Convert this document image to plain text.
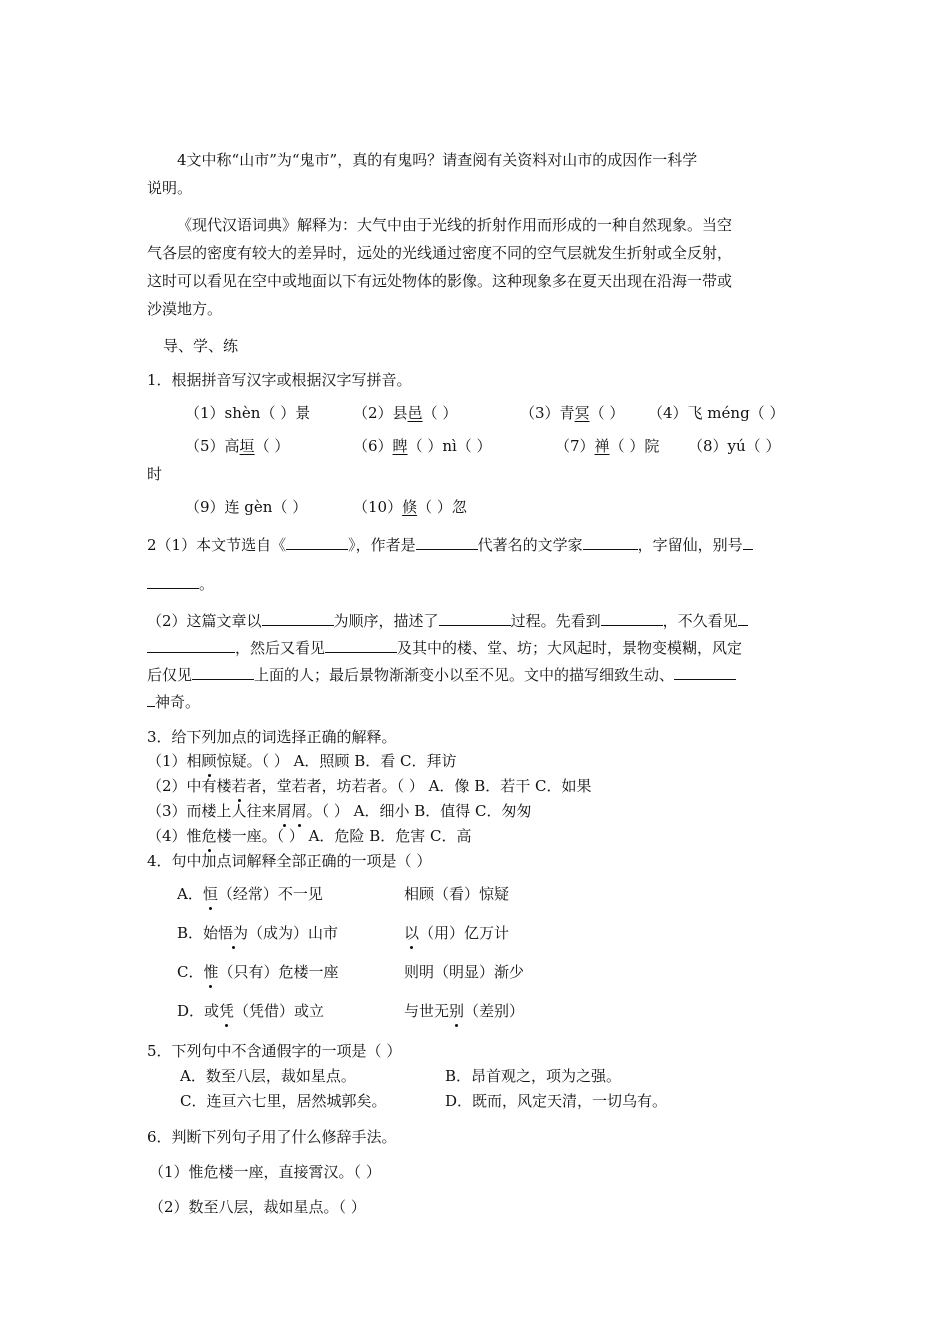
4文中称“山市”为“鬼市”，真的有鬼吗？请查阅有关资料对山市的成因作一科学
说明。
《现代汉语词典》解释为：大气中由于光线的折射作用而形成的一种自然现象。当空
气各层的密度有较大的差异时，远处的光线通过密度不同的空气层就发生折射或全反射，
这时可以看见在空中或地面以下有远处物体的影像。这种现象多在夏天出现在沿海一带或
沙漠地方。
导、学、练
1．根据拼音写汉字或根据汉字写拼音。
（1）shèn（ ）景	（2）县邑（ ）	（3）青冥（ ） （4）飞 méng（ ）
（5）高垣（ ）	（6）睥（ ）nì（ ）	（7）禅（ ）院 （8）yú（ ）
时
（9）连 gèn（ ）	（10）倏（ ）忽
2（1）本文节选自《	》，作者是	代著名的文学家	，字留仙，别号
。
（2）这篇文章以	为顺序，描述了	过程。先看到	，不久看见
，然后又看见	及其中的楼、堂、坊；大风起时，景物变模糊，风定
后仅见	上面的人；最后景物渐渐变小以至不见。文中的描写细致生动、
神奇。
3．给下列加点的词选择正确的解释。
（1）相顾惊疑。（ ） A．照顾 B．看 C．拜访
（2）中有楼若者，堂若者，坊若者。（ ） A．像 B．若干 C．如果
（3）而楼上人往来屑屑。（ ） A．细小 B．值得 C．匆匆
（4）惟危楼一座。（ ） A．危险 B．危害 C．高
4．句中加点词解释全部正确的一项是（ ）
A．恒（经常）不一见	相顾（看）惊疑
B．始悟为（成为）山市	以（用）亿万计
C．惟（只有）危楼一座	则明（明显）渐少
D．或凭（凭借）或立	与世无别（差别）
5．下列句中不含通假字的一项是（ ）
A．数至八层，裁如星点。	B．昂首观之，项为之强。
C．连亘六七里，居然城郭矣。	D．既而，风定天清，一切乌有。
6．判断下列句子用了什么修辞手法。
（1）惟危楼一座，直接霄汉。（ ）
（2）数至八层，裁如星点。（ ）
